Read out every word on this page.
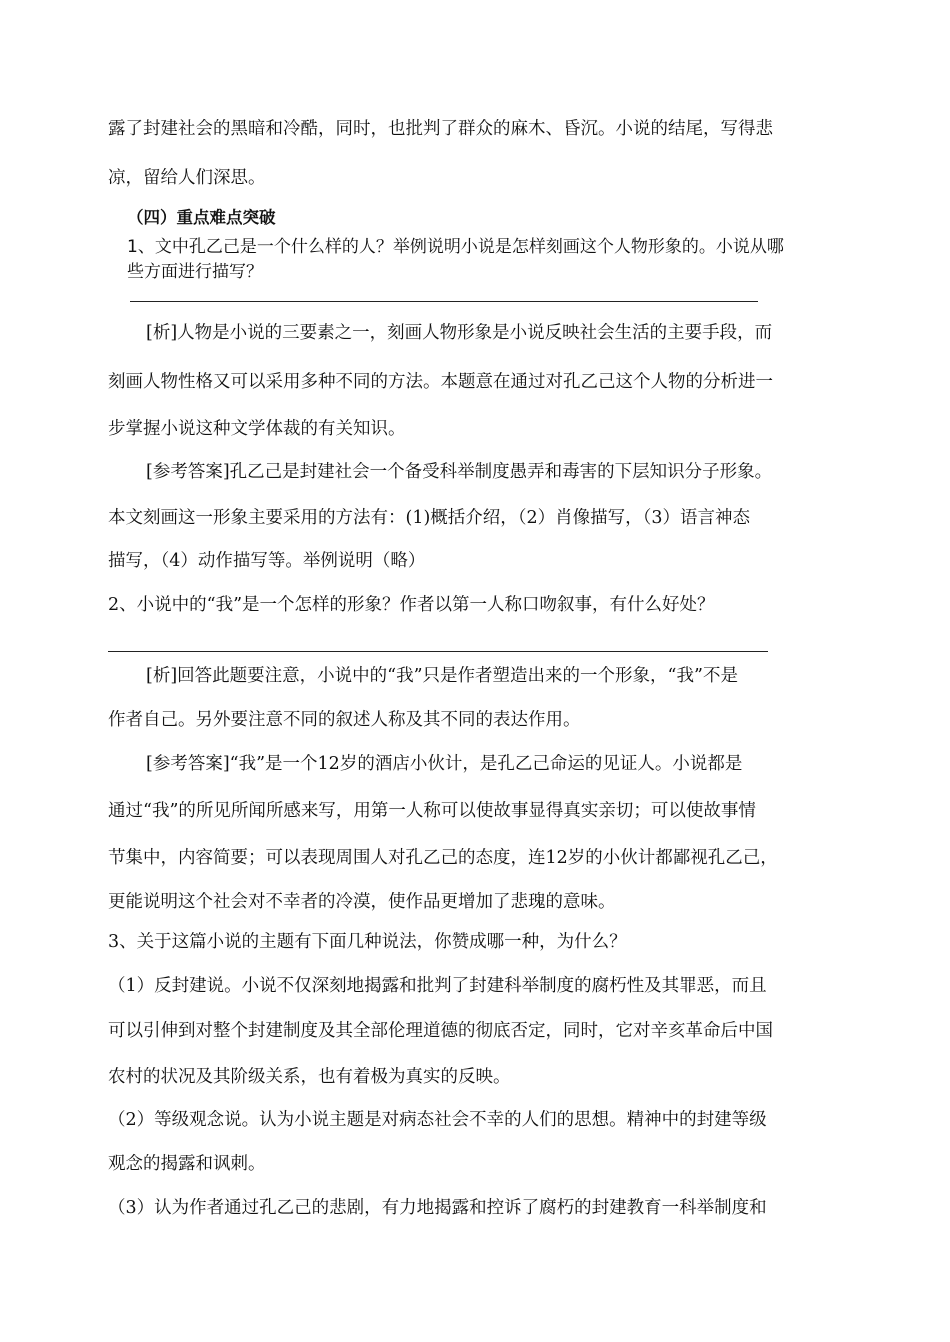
露了封建社会的黑暗和冷酷，同时，也批判了群众的麻木、昏沉。小说的结尾，写得悲
凉，留给人们深思。
（四）重点难点突破
1、文中孔乙己是一个什么样的人？举例说明小说是怎样刻画这个人物形象的。小说从哪
些方面进行描写？
[析]人物是小说的三要素之一，刻画人物形象是小说反映社会生活的主要手段，而
刻画人物性格又可以采用多种不同的方法。本题意在通过对孔乙己这个人物的分析进一
步掌握小说这种文学体裁的有关知识。
[参考答案]孔乙己是封建社会一个备受科举制度愚弄和毒害的下层知识分子形象。
本文刻画这一形象主要采用的方法有：(1)概括介绍，（2）肖像描写，（3）语言神态
描写，（4）动作描写等。举例说明（略）
2、小说中的“我”是一个怎样的形象？作者以第一人称口吻叙事，有什么好处？
[析]回答此题要注意，小说中的“我”只是作者塑造出来的一个形象，“我”不是
作者自己。另外要注意不同的叙述人称及其不同的表达作用。
[参考答案]“我”是一个12岁的酒店小伙计，是孔乙己命运的见证人。小说都是
通过“我”的所见所闻所感来写，用第一人称可以使故事显得真实亲切；可以使故事情
节集中，内容简要；可以表现周围人对孔乙己的态度，连12岁的小伙计都鄙视孔乙己，
更能说明这个社会对不幸者的冷漠，使作品更增加了悲瑰的意味。
3、关于这篇小说的主题有下面几种说法，你赞成哪一种，为什么？
（1）反封建说。小说不仅深刻地揭露和批判了封建科举制度的腐朽性及其罪恶，而且
可以引伸到对整个封建制度及其全部伦理道德的彻底否定，同时，它对辛亥革命后中国
农村的状况及其阶级关系，也有着极为真实的反映。
（2）等级观念说。认为小说主题是对病态社会不幸的人们的思想。精神中的封建等级
观念的揭露和讽刺。
（3）认为作者通过孔乙己的悲剧，有力地揭露和控诉了腐朽的封建教育一科举制度和
